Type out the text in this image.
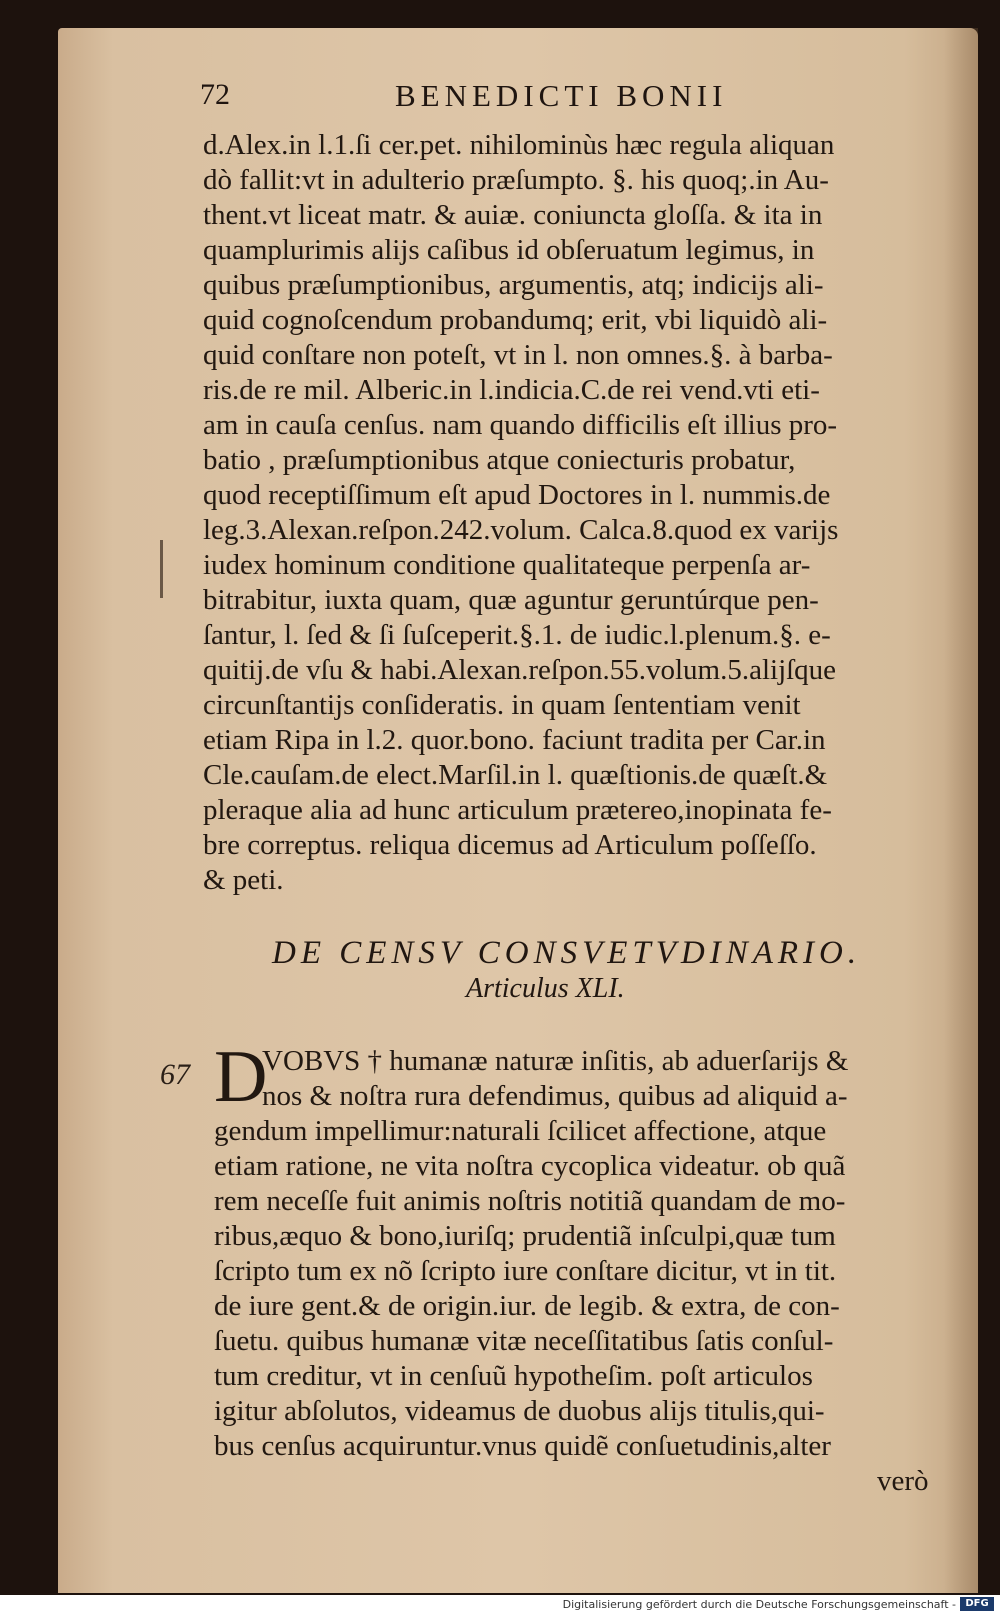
72	BENEDICTI BONII
d.Alex.in l.1.ſi cer.pet. nihilominùs hæc regula aliquan
dò fallit:vt in adulterio præſumpto. §. his quoq;.in Au-
thent.vt liceat matr. & auiæ. coniuncta gloſſa. & ita in
quamplurimis alijs caſibus id obſeruatum legimus, in
quibus præſumptionibus, argumentis, atq; indicijs ali-
quid cognoſcendum probandumq; erit, vbi liquidò ali-
quid conſtare non poteſt, vt in l. non omnes.§. à barba-
ris.de re mil. Alberic.in l.indicia.C.de rei vend.vti eti-
am in cauſa cenſus. nam quando difficilis eſt illius pro-
batio , præſumptionibus atque coniecturis probatur,
quod receptiſſimum eſt apud Doctores in l. nummis.de
leg.3.Alexan.reſpon.242.volum. Calca.8.quod ex varijs
iudex hominum conditione qualitateque perpenſa ar-
bitrabitur, iuxta quam, quæ aguntur geruntúrque pen-
ſantur, l. ſed & ſi ſuſceperit.§.1. de iudic.l.plenum.§. e-
quitij.de vſu & habi.Alexan.reſpon.55.volum.5.alijſque
circunſtantijs conſideratis. in quam ſententiam venit
etiam Ripa in l.2. quor.bono. faciunt tradita per Car.in
Cle.cauſam.de elect.Marſil.in l. quæſtionis.de quæſt.&
pleraque alia ad hunc articulum prætereo,inopinata fe-
bre correptus. reliqua dicemus ad Articulum poſſeſſo.
& peti.
DE CENSV CONSVETVDINARIO.
Articulus XLI.
67 D
VOBVS † humanæ naturæ inſitis, ab aduerſarijs &
nos & noſtra rura defendimus, quibus ad aliquid a-
gendum impellimur:naturali ſcilicet affectione, atque
etiam ratione, ne vita noſtra cycoplica videatur. ob quã
rem neceſſe fuit animis noſtris notitiã quandam de mo-
ribus,æquo & bono,iuriſq; prudentiã inſculpi,quæ tum
ſcripto tum ex nõ ſcripto iure conſtare dicitur, vt in tit.
de iure gent.& de origin.iur. de legib. & extra, de con-
ſuetu. quibus humanæ vitæ neceſſitatibus ſatis conſul-
tum creditur, vt in cenſuũ hypotheſim. poſt articulos
igitur abſolutos, videamus de duobus alijs titulis,qui-
bus cenſus acquiruntur.vnus quidẽ conſuetudinis,alter
verò
Digitalisierung gefördert durch die Deutsche Forschungsgemeinschaft - DFG
